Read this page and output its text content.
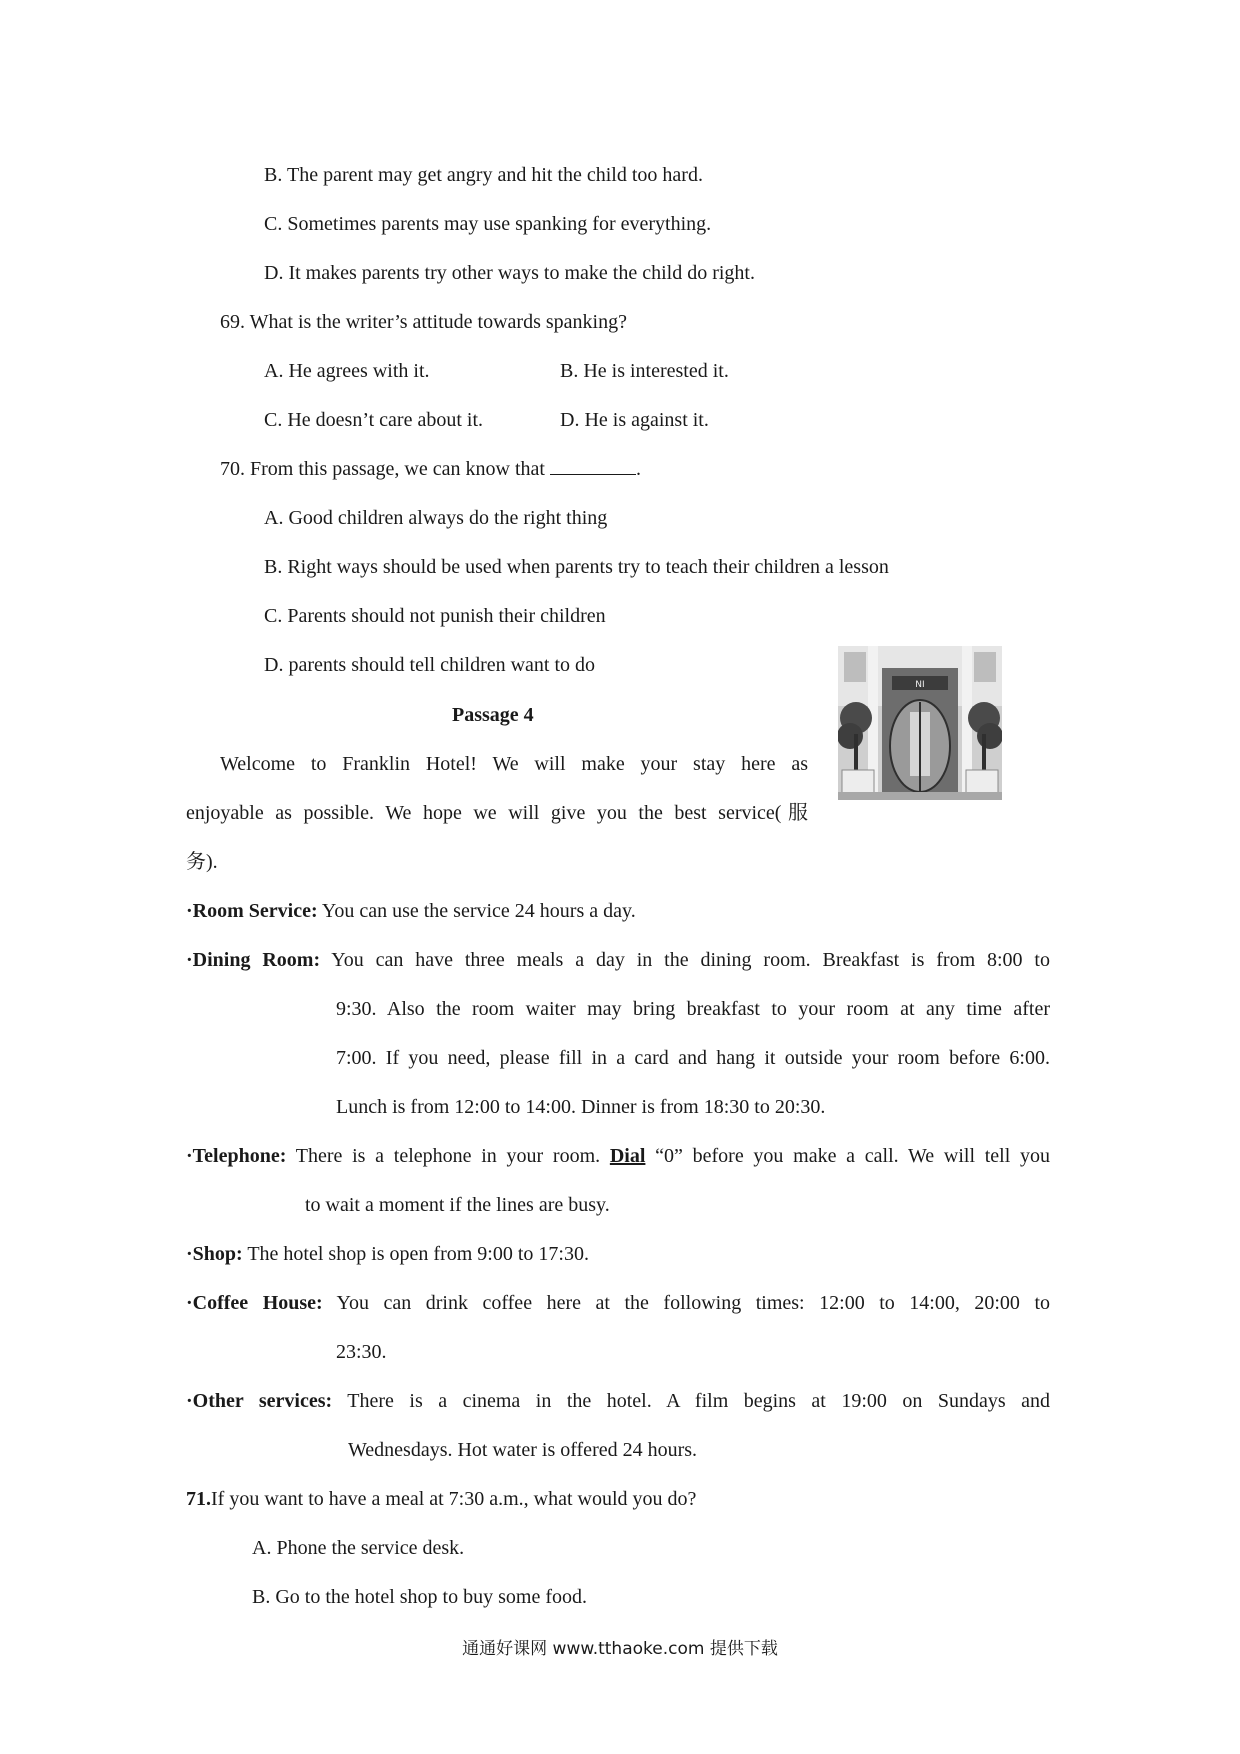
B. The parent may get angry and hit the child too hard.
C. Sometimes parents may use spanking for everything.
D. It makes parents try other ways to make the child do right.
69. What is the writer’s attitude towards spanking?
A. He agrees with it.	B. He is interested it.
C. He doesn’t care about it.	D. He is against it.
70. From this passage, we can know that	.
A. Good children always do the right thing
B. Right ways should be used when parents try to teach their children a lesson
C. Parents should not punish their children
D. parents should tell children want to do
NI
Passage 4
Welcome to Franklin Hotel! We will make your stay here as
enjoyable as possible. We hope we will give you the best service(服
务).
·Room Service: You can use the service 24 hours a day.
·Dining Room: You can have three meals a day in the dining room. Breakfast is from 8:00 to
9:30. Also the room waiter may bring breakfast to your room at any time after
7:00. If you need, please fill in a card and hang it outside your room before 6:00.
Lunch is from 12:00 to 14:00. Dinner is from 18:30 to 20:30.
·Telephone: There is a telephone in your room. Dial “0” before you make a call. We will tell you
to wait a moment if the lines are busy.
·Shop: The hotel shop is open from 9:00 to 17:30.
·Coffee House: You can drink coffee here at the following times: 12:00 to 14:00, 20:00 to
23:30.
·Other services: There is a cinema in the hotel. A film begins at 19:00 on Sundays and
Wednesdays. Hot water is offered 24 hours.
71.If you want to have a meal at 7:30 a.m., what would you do?
A. Phone the service desk.
B. Go to the hotel shop to buy some food.
通通好课网 www.tthaoke.com 提供下载
